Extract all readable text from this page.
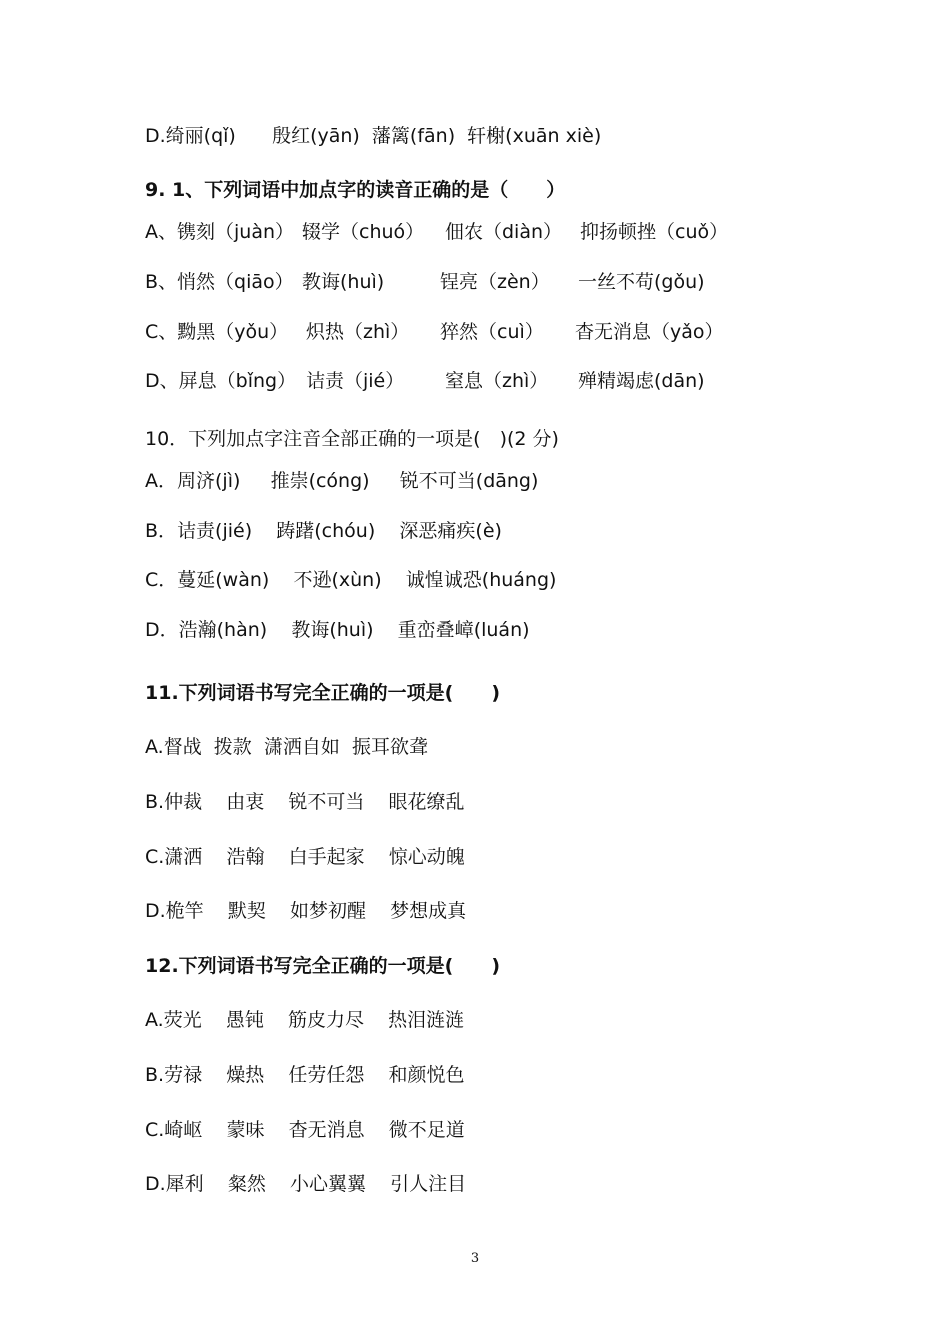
D.绮丽(qǐ)      殷红(yān)  藩篱(fān)  轩榭(xuān xiè)
9. 1、下列词语中加点字的读音正确的是（　　）
A、镌刻（juàn） 辍学（chuó） 佃农（diàn） 抑扬顿挫（cuǒ）
B、悄然（qiāo） 教诲(huì)	锃亮（zèn） 一丝不苟(gǒu)
C、黝黑（yǒu） 炽热（zhì） 猝然（cuì） 杳无消息（yǎo）
D、屏息（bǐng） 诘责（jié） 窒息（zhì） 殚精竭虑(dān)
10．下列加点字注音全部正确的一项是(　)(2 分)
A．周济(jì)     推崇(cóng)     锐不可当(dāng)
B．诘责(jié)    踌躇(chóu)    深恶痛疾(è)
C．蔓延(wàn)    不逊(xùn)    诚惶诚恐(huáng)
D．浩瀚(hàn)    教诲(huì)    重峦叠嶂(luán)
11.下列词语书写完全正确的一项是(　　)
A.督战  拨款  潇洒自如  振耳欲聋
B.仲裁    由衷    锐不可当    眼花缭乱
C.潇洒    浩翰    白手起家    惊心动魄
D.桅竿    默契    如梦初醒    梦想成真
12.下列词语书写完全正确的一项是(　　)
A.荧光    愚钝    筋皮力尽    热泪涟涟
B.劳禄    燥热    任劳任怨    和颜悦色
C.崎岖    蒙味    杳无消息    微不足道
D.犀利    粲然    小心翼翼    引人注目
3
